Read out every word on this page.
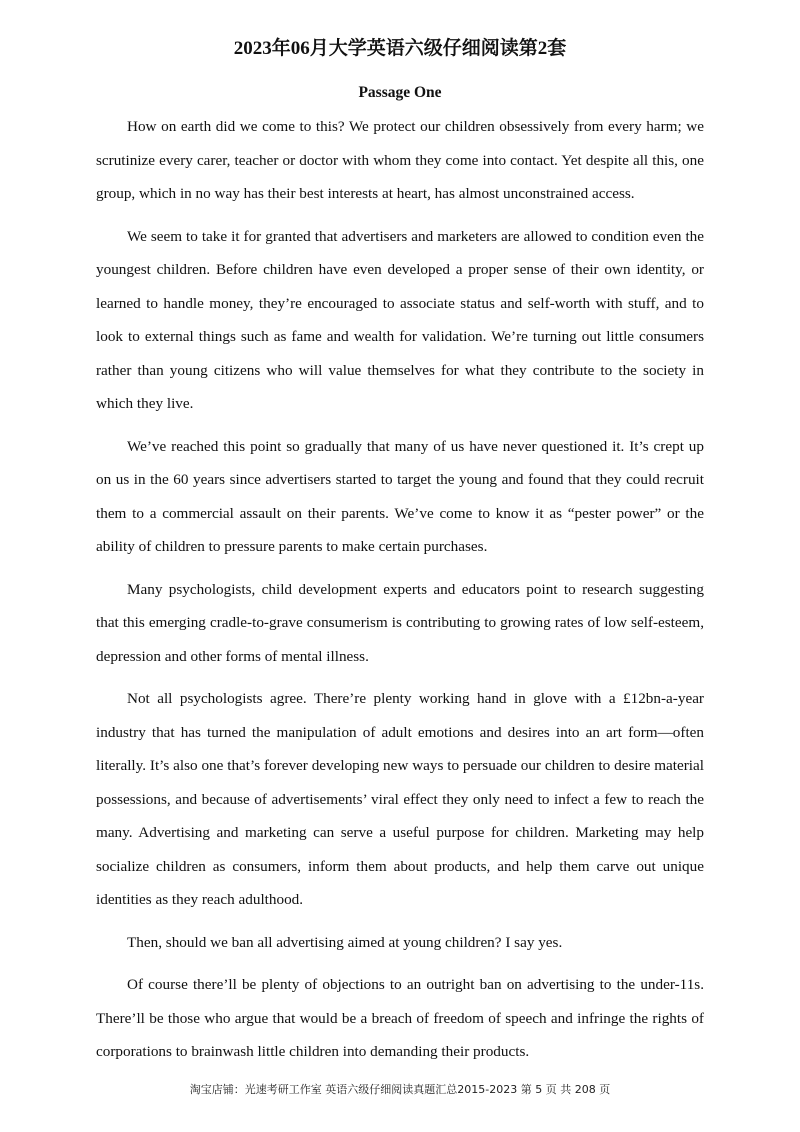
2023年06月大学英语六级仔细阅读第2套
Passage One

How on earth did we come to this? We protect our children obsessively from every harm; we scrutinize every carer, teacher or doctor with whom they come into contact. Yet despite all this, one group, which in no way has their best interests at heart, has almost unconstrained access.

We seem to take it for granted that advertisers and marketers are allowed to condition even the youngest children. Before children have even developed a proper sense of their own identity, or learned to handle money, they’re encouraged to associate status and self-worth with stuff, and to look to external things such as fame and wealth for validation. We’re turning out little consumers rather than young citizens who will value themselves for what they contribute to the society in which they live.

We’ve reached this point so gradually that many of us have never questioned it. It’s crept up on us in the 60 years since advertisers started to target the young and found that they could recruit them to a commercial assault on their parents. We’ve come to know it as “pester power” or the ability of children to pressure parents to make certain purchases.

Many psychologists, child development experts and educators point to research suggesting that this emerging cradle-to-grave consumerism is contributing to growing rates of low self-esteem, depression and other forms of mental illness.

Not all psychologists agree. There’re plenty working hand in glove with a £12bn-a-year industry that has turned the manipulation of adult emotions and desires into an art form—often literally. It’s also one that’s forever developing new ways to persuade our children to desire material possessions, and because of advertisements’ viral effect they only need to infect a few to reach the many. Advertising and marketing can serve a useful purpose for children. Marketing may help socialize children as consumers, inform them about products, and help them carve out unique identities as they reach adulthood.

Then, should we ban all advertising aimed at young children? I say yes.

Of course there’ll be plenty of objections to an outright ban on advertising to the under-11s. There’ll be those who argue that would be a breach of freedom of speech and infringe the rights of corporations to brainwash little children into demanding their products.

淘宝店铺：光速考研工作室 英语六级仔细阅读真题汇总2015-2023 第 5 页 共 208 页
